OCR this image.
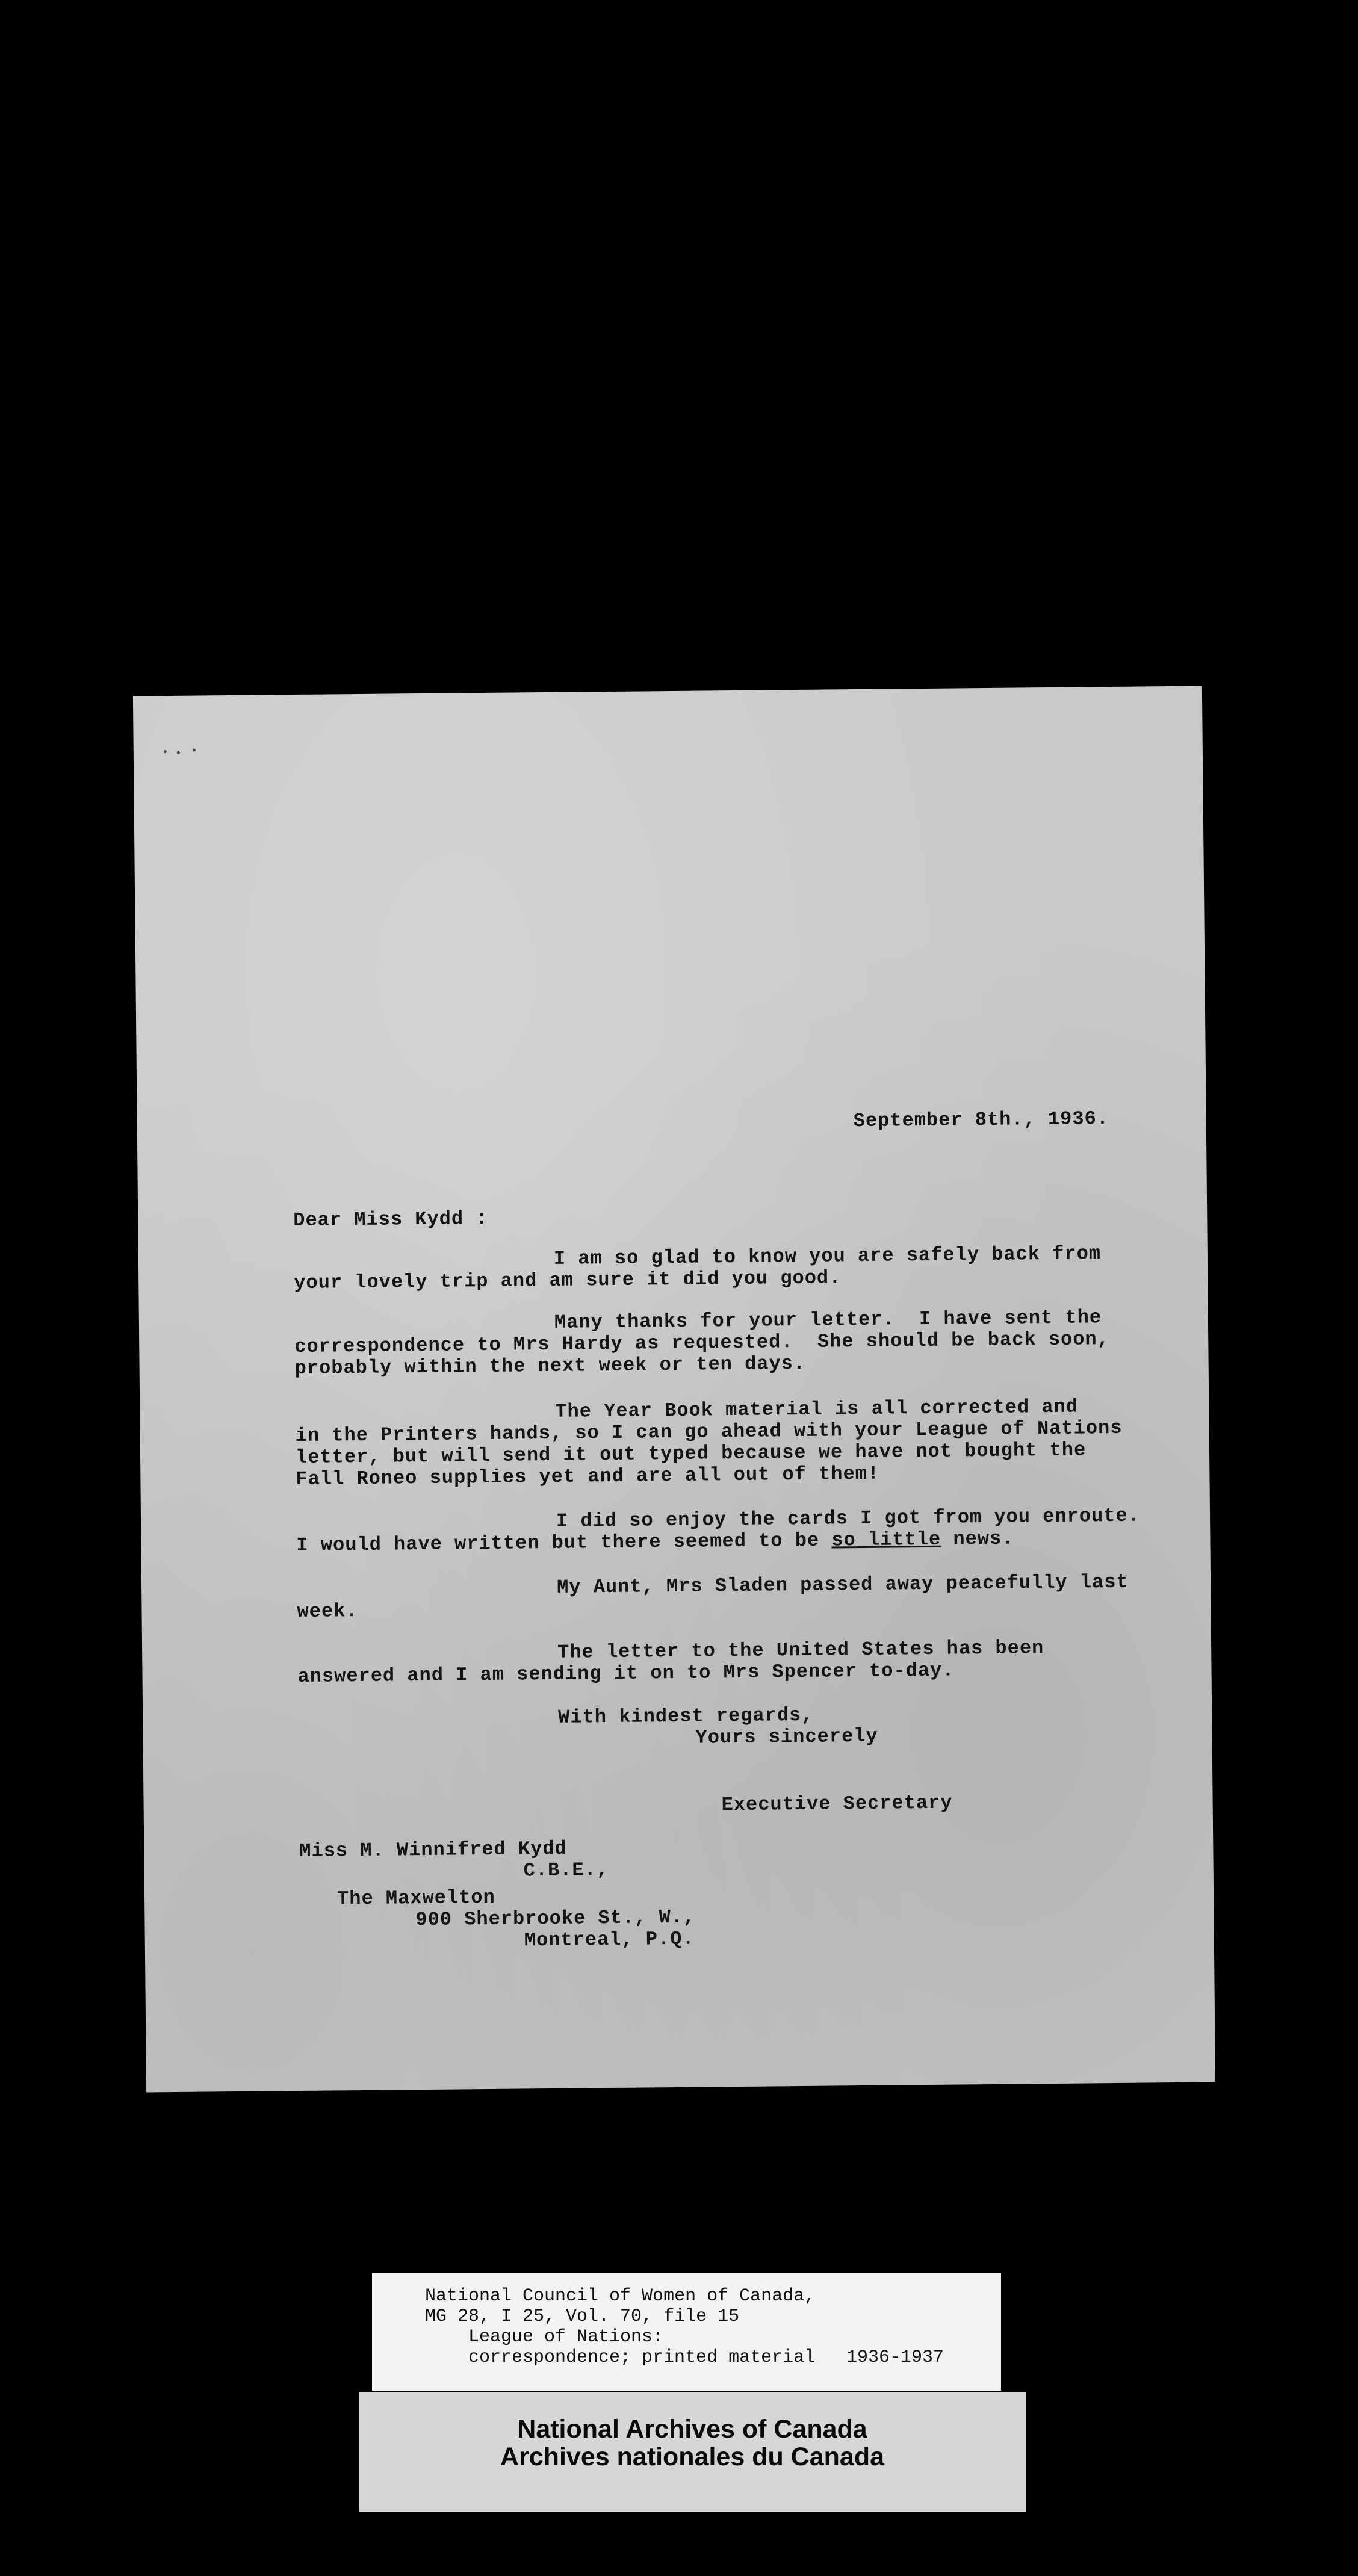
September 8th., 1936.
Dear Miss Kydd :
I am so glad to know you are safely back from
your lovely trip and am sure it did you good.
Many thanks for your letter.  I have sent the
correspondence to Mrs Hardy as requested.  She should be back soon,
probably within the next week or ten days.
The Year Book material is all corrected and
in the Printers hands, so I can go ahead with your League of Nations
letter, but will send it out typed because we have not bought the
Fall Roneo supplies yet and are all out of them!
I did so enjoy the cards I got from you enroute.
I would have written but there seemed to be so little news.
My Aunt, Mrs Sladen passed away peacefully last
week.
The letter to the United States has been
answered and I am sending it on to Mrs Spencer to-day.
With kindest regards,
Yours sincerely
Executive Secretary
Miss M. Winnifred Kydd
C.B.E.,
The Maxwelton
900 Sherbrooke St., W.,
Montreal, P.Q.
National Council of Women of Canada,
MG 28, I 25, Vol. 70, file 15
League of Nations:
correspondence; printed material 1936-1937
National Archives of Canada
Archives nationales du Canada
